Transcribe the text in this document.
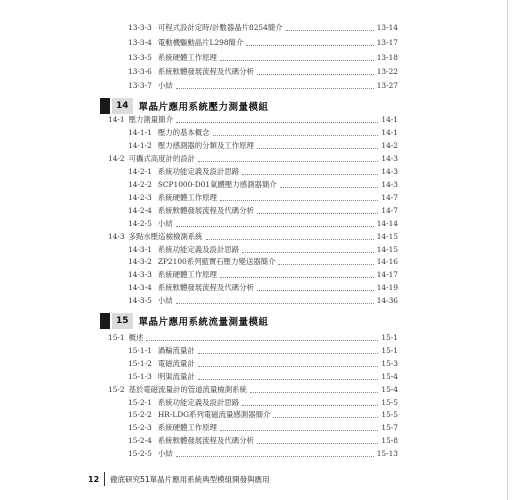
13-3-3 可程式設計定時/計數器晶片8254簡介	13-14
13-3-4 電動機驅動晶片L298簡介	13-17
13-3-5 系統硬體工作原理	13-18
13-3-6 系統軟體發展流程及代碼分析	13-22
13-3-7 小結	13-27
14	單晶片應用系統壓力測量模組
14-1 壓力測量簡介	14-1
14-1-1 壓力的基本概念	14-1
14-1-2 壓力感測器的分類及工作原理	14-2
14-2 可攜式高度計的設計	14-3
14-2-1 系統功能定義及設計思路	14-3
14-2-2 SCP1000-D01氣體壓力感測器簡介	14-3
14-2-3 系統硬體工作原理	14-7
14-2-4 系統軟體發展流程及代碼分析	14-7
14-2-5 小結	14-14
14-3 多點水壓巡檢檢測系統	14-15
14-3-1 系統功能定義及設計思路	14-15
14-3-2 ZP2100系列藍寶石壓力變送器簡介	14-16
14-3-3 系統硬體工作原理	14-17
14-3-4 系統軟體發展流程及代碼分析	14-19
14-3-5 小結	14-36
15	單晶片應用系統流量測量模組
15-1 概述	15-1
15-1-1 渦輪流量計	15-1
15-1-2 電磁流量計	15-3
15-1-3 明渠流量計	15-4
15-2 基於電磁流量計的管道流量檢測系統	15-4
15-2-1 系統功能定義及設計思路	15-5
15-2-2 HR-LDG系列電磁流量感測器簡介	15-5
15-2-3 系統硬體工作原理	15-7
15-2-4 系統軟體發展流程及代碼分析	15-8
15-2-5 小結	15-13
12 徹底研究51單晶片應用系統典型模組開發與應用
